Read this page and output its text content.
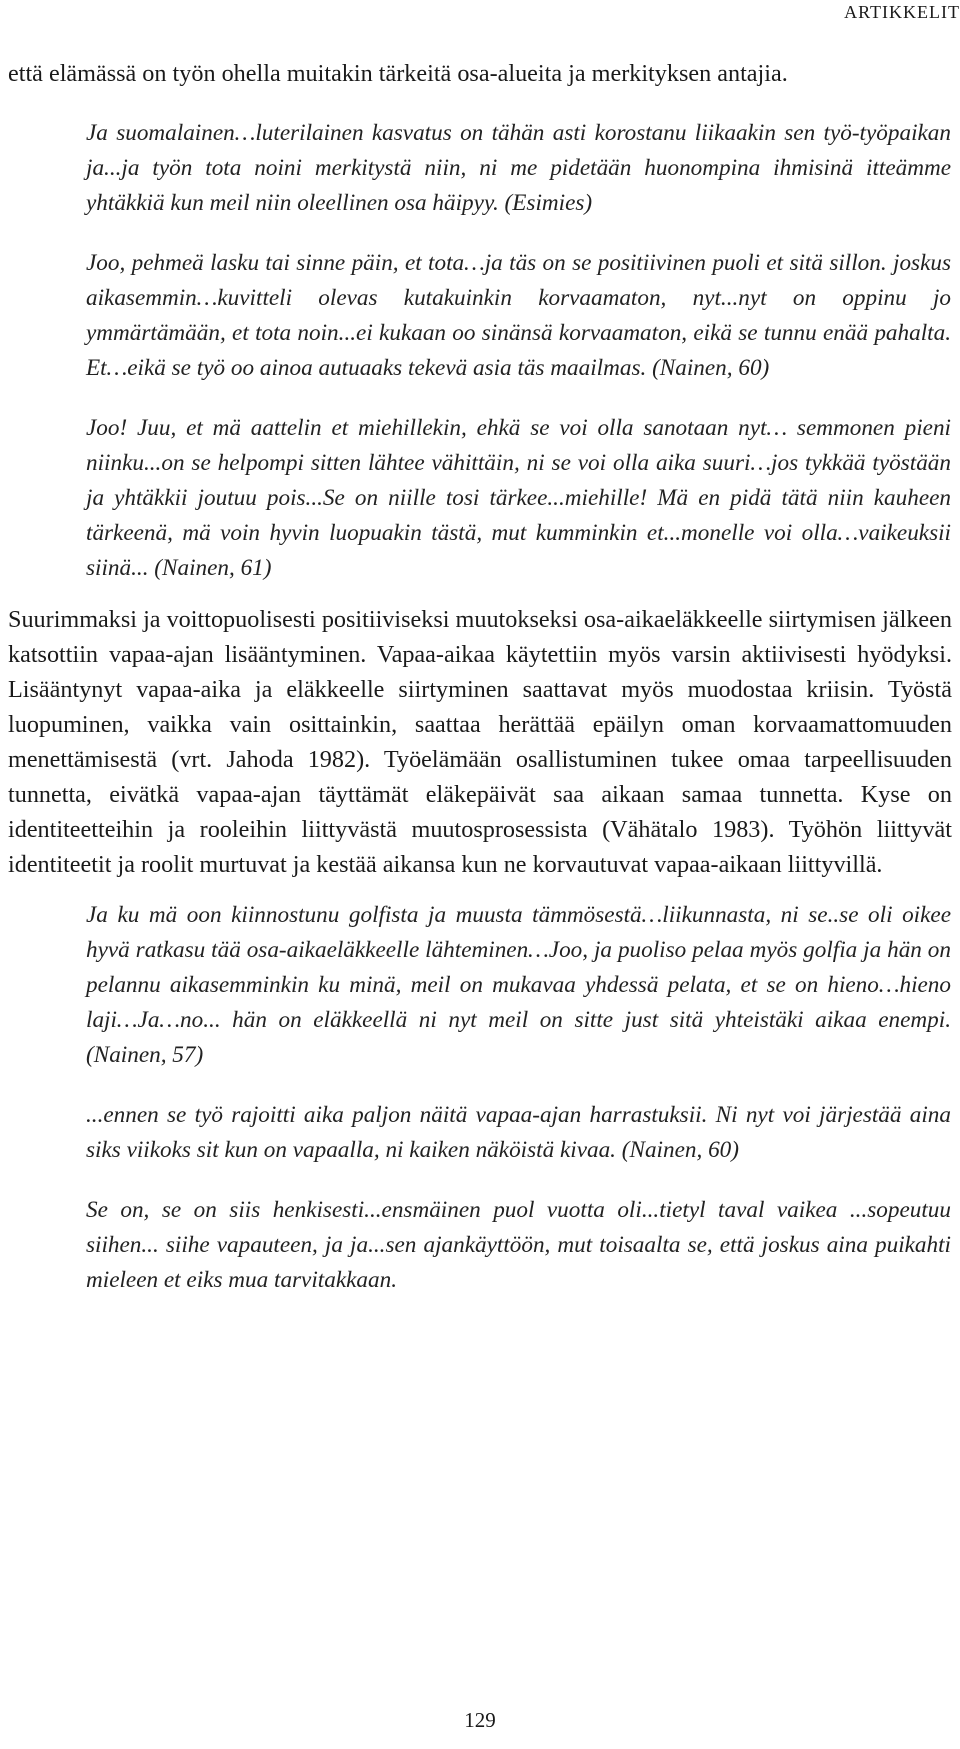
ARTIKKELIT

että elämässä on työn ohella muitakin tärkeitä osa-alueita ja merkityksen antajia.

Ja suomalainen…luterilainen kasvatus on tähän asti korostanu liikaakin sen työ-työpaikan ja...ja työn tota noini merkitystä niin, ni me pidetään huonompina ihmisinä itteämme yhtäkkiä kun meil niin oleellinen osa häipyy. (Esimies)

Joo, pehmeä lasku tai sinne päin, et tota…ja täs on se positiivinen puoli et sitä sillon. joskus aikasemmin…kuvitteli olevas kutakuinkin korvaamaton, nyt...nyt on oppinu jo ymmärtämään, et tota noin...ei kukaan oo sinänsä korvaamaton, eikä se tunnu enää pahalta. Et…eikä se työ oo ainoa autuaaks tekevä asia täs maailmas. (Nainen, 60)

Joo! Juu, et mä aattelin et miehillekin, ehkä se voi olla sanotaan nyt… semmonen pieni niinku...on se helpompi sitten lähtee vähittäin, ni se voi olla aika suuri…jos tykkää työstään ja yhtäkkii joutuu pois...Se on niille tosi tärkee...miehille! Mä en pidä tätä niin kauheen tärkeenä, mä voin hyvin luopuakin tästä, mut kumminkin et...monelle voi olla…vaikeuksii siinä... (Nainen, 61)

Suurimmaksi ja voittopuolisesti positiiviseksi muutokseksi osa-aikaeläkkeelle siirtymisen jälkeen katsottiin vapaa-ajan lisääntyminen. Vapaa-aikaa käytettiin myös varsin aktiivisesti hyödyksi. Lisääntynyt vapaa-aika ja eläkkeelle siirtyminen saattavat myös muodostaa kriisin. Työstä luopuminen, vaikka vain osittainkin, saattaa herättää epäilyn oman korvaamattomuuden menettämisestä (vrt. Jahoda 1982). Työelämään osallistuminen tukee omaa tarpeellisuuden tunnetta, eivätkä vapaa-ajan täyttämät eläkepäivät saa aikaan samaa tunnetta. Kyse on identiteetteihin ja rooleihin liittyvästä muutosprosessista (Vähätalo 1983). Työhön liittyvät identiteetit ja roolit murtuvat ja kestää aikansa kun ne korvautuvat vapaa-aikaan liittyvillä.

Ja ku mä oon kiinnostunu golfista ja muusta tämmösestä…liikunnasta, ni se..se oli oikee hyvä ratkasu tää osa-aikaeläkkeelle lähteminen…Joo, ja puoliso pelaa myös golfia ja hän on pelannu aikasemminkin ku minä, meil on mukavaa yhdessä pelata, et se on hieno…hieno laji…Ja…no... hän on eläkkeellä ni nyt meil on sitte just sitä yhteistäki aikaa enempi. (Nainen, 57)

...ennen se työ rajoitti aika paljon näitä vapaa-ajan harrastuksii. Ni nyt voi järjestää aina siks viikoks sit kun on vapaalla, ni kaiken näköistä kivaa. (Nainen, 60)

Se on, se on siis henkisesti...ensmäinen puol vuotta oli...tietyl taval vaikea ...sopeutuu siihen... siihe vapauteen, ja ja...sen ajankäyttöön, mut toisaalta se, että joskus aina puikahti mieleen et eiks mua tarvitakkaan.

129
